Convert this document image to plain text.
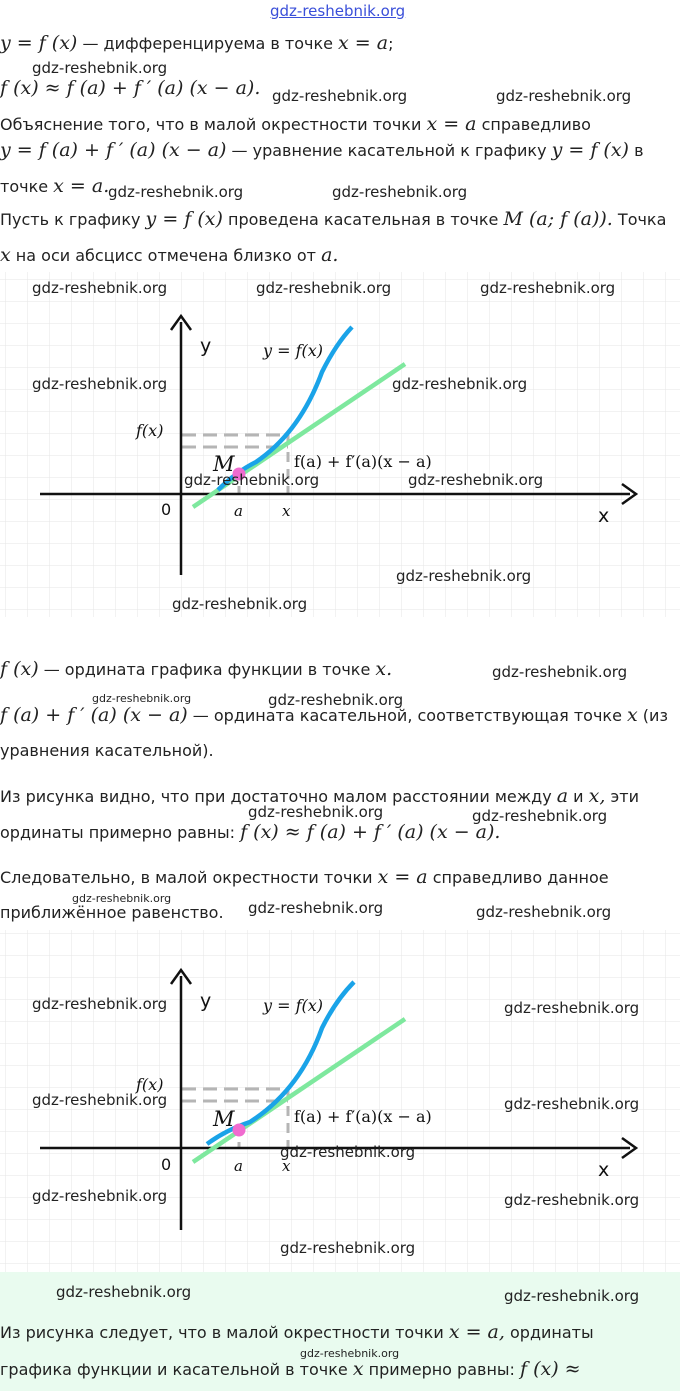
gdz-reshebnik.org
y = f (x) — дифференцируема в точке x = a;
gdz-reshebnik.org
f (x) ≈ f (a) + f ′ (a) (x − a). gdz-reshebnik.org	gdz-reshebnik.org
Объяснение того, что в малой окрестности точки x = a справедливо
y = f (a) + f ′ (a) (x − a) — уравнение касательной к графику y = f (x) в
точке x = a.
gdz-reshebnik.org	gdz-reshebnik.org
Пусть к графику y = f (x) проведена касательная в точке M (a; f (a)). Точка
x на оси абсцисс отмечена близко от a.
y
x
0
y = f(x)
f(x)
f(a) + f′(a)(x − a)
M
a	x
gdz-reshebnik.org	gdz-reshebnik.org	gdz-reshebnik.org
gdz-reshebnik.org	gdz-reshebnik.org
gdz-reshebnik.org	gdz-reshebnik.org
gdz-reshebnik.org
gdz-reshebnik.org
f (x) — ордината графика функции в точке x.	gdz-reshebnik.org
gdz-reshebnik.org	gdz-reshebnik.org
f (a) + f ′ (a) (x − a) — ордината касательной, соответствующая точке x (из
уравнения касательной).
Из рисунка видно, что при достаточно малом расстоянии между a и x, эти
gdz-reshebnik.org	gdz-reshebnik.org
ординаты примерно равны: f (x) ≈ f (a) + f ′ (a) (x − a).
Следовательно, в малой окрестности точки x = a справедливо данное
gdz-reshebnik.org
приближённое равенство. gdz-reshebnik.org	gdz-reshebnik.org
y
x
0
y = f(x)
f(x)
f(a) + f′(a)(x − a)
M
a	x
gdz-reshebnik.org	gdz-reshebnik.org
gdz-reshebnik.org	gdz-reshebnik.org
gdz-reshebnik.org
gdz-reshebnik.org	gdz-reshebnik.org
gdz-reshebnik.org
gdz-reshebnik.org	gdz-reshebnik.org
Из рисунка следует, что в малой окрестности точки x = a, ординаты
gdz-reshebnik.org
графика функции и касательной в точке x примерно равны: f (x) ≈
